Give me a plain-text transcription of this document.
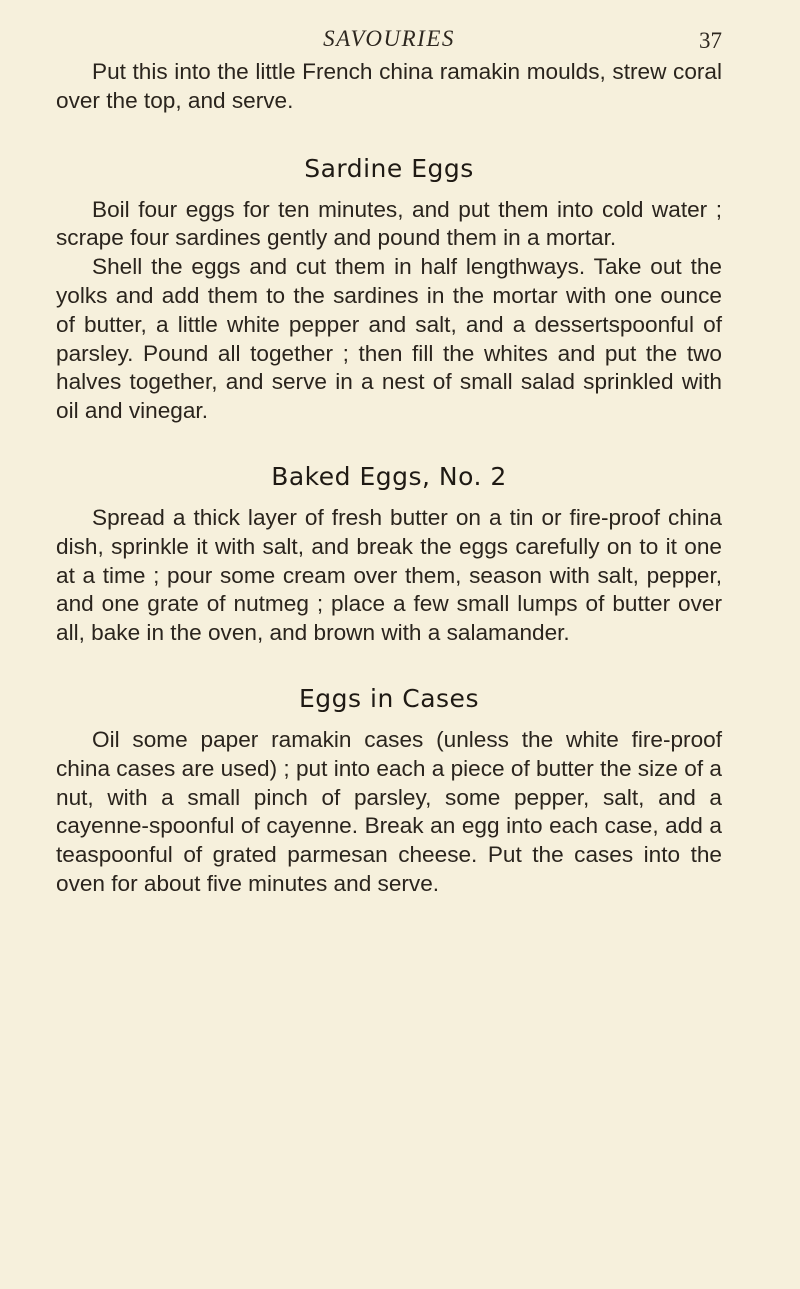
SAVOURIES	37

Put this into the little French china ramakin moulds, strew coral over the top, and serve.

Sardine Eggs

Boil four eggs for ten minutes, and put them into cold water ; scrape four sardines gently and pound them in a mortar.

Shell the eggs and cut them in half lengthways. Take out the yolks and add them to the sardines in the mortar with one ounce of butter, a little white pepper and salt, and a dessertspoonful of parsley. Pound all together ; then fill the whites and put the two halves together, and serve in a nest of small salad sprinkled with oil and vinegar.

Baked Eggs, No. 2

Spread a thick layer of fresh butter on a tin or fire-proof china dish, sprinkle it with salt, and break the eggs carefully on to it one at a time ; pour some cream over them, season with salt, pepper, and one grate of nutmeg ; place a few small lumps of butter over all, bake in the oven, and brown with a salamander.

Eggs in Cases

Oil some paper ramakin cases (unless the white fire-proof china cases are used) ; put into each a piece of butter the size of a nut, with a small pinch of parsley, some pepper, salt, and a cayenne-spoonful of cayenne. Break an egg into each case, add a teaspoonful of grated parmesan cheese. Put the cases into the oven for about five minutes and serve.
